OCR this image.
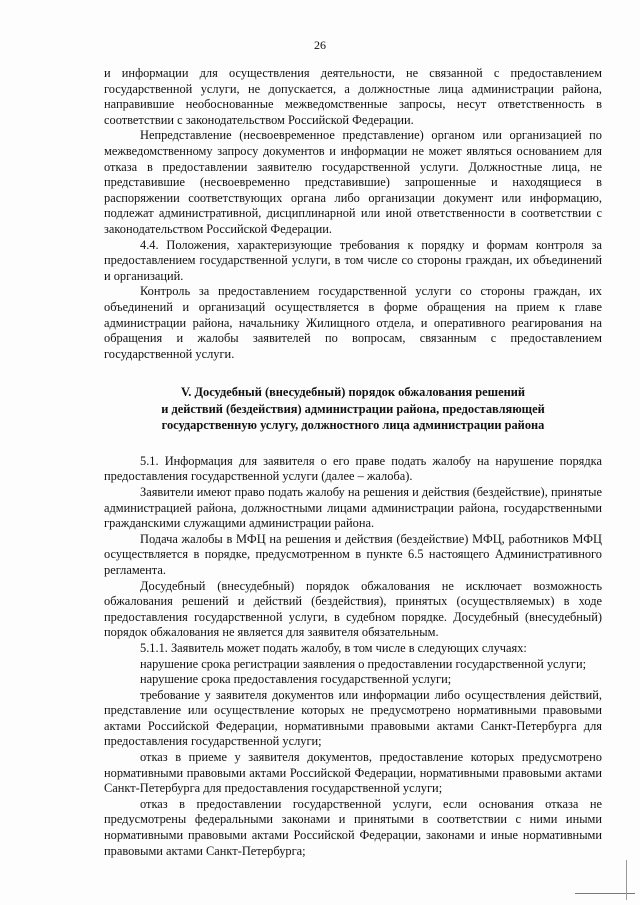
26

и информации для осуществления деятельности, не связанной с предоставлением государственной услуги, не допускается, а должностные лица администрации района, направившие необоснованные межведомственные запросы, несут ответственность в соответствии с законодательством Российской Федерации.

Непредставление (несвоевременное представление) органом или организацией по межведомственному запросу документов и информации не может являться основанием для отказа в предоставлении заявителю государственной услуги. Должностные лица, не представившие (несвоевременно представившие) запрошенные и находящиеся в распоряжении соответствующих органа либо организации документ или информацию, подлежат административной, дисциплинарной или иной ответственности в соответствии с законодательством Российской Федерации.

4.4. Положения, характеризующие требования к порядку и формам контроля за предоставлением государственной услуги, в том числе со стороны граждан, их объединений и организаций.

Контроль за предоставлением государственной услуги со стороны граждан, их объединений и организаций осуществляется в форме обращения на прием к главе администрации района, начальнику Жилищного отдела, и оперативного реагирования на обращения и жалобы заявителей по вопросам, связанным с предоставлением государственной услуги.

V. Досудебный (внесудебный) порядок обжалования решений
и действий (бездействия) администрации района, предоставляющей
государственную услугу, должностного лица администрации района

5.1. Информация для заявителя о его праве подать жалобу на нарушение порядка предоставления государственной услуги (далее – жалоба).

Заявители имеют право подать жалобу на решения и действия (бездействие), принятые администрацией района, должностными лицами администрации района, государственными гражданскими служащими администрации района.

Подача жалобы в МФЦ на решения и действия (бездействие) МФЦ, работников МФЦ осуществляется в порядке, предусмотренном в пункте 6.5 настоящего Административного регламента.

Досудебный (внесудебный) порядок обжалования не исключает возможность обжалования решений и действий (бездействия), принятых (осуществляемых) в ходе предоставления государственной услуги, в судебном порядке. Досудебный (внесудебный) порядок обжалования не является для заявителя обязательным.

5.1.1. Заявитель может подать жалобу, в том числе в следующих случаях:

нарушение срока регистрации заявления о предоставлении государственной услуги;

нарушение срока предоставления государственной услуги;

требование у заявителя документов или информации либо осуществления действий, представление или осуществление которых не предусмотрено нормативными правовыми актами Российской Федерации, нормативными правовыми актами Санкт-Петербурга для предоставления государственной услуги;

отказ в приеме у заявителя документов, предоставление которых предусмотрено нормативными правовыми актами Российской Федерации, нормативными правовыми актами Санкт-Петербурга для предоставления государственной услуги;

отказ в предоставлении государственной услуги, если основания отказа не предусмотрены федеральными законами и принятыми в соответствии с ними иными нормативными правовыми актами Российской Федерации, законами и иные нормативными правовыми актами Санкт-Петербурга;
